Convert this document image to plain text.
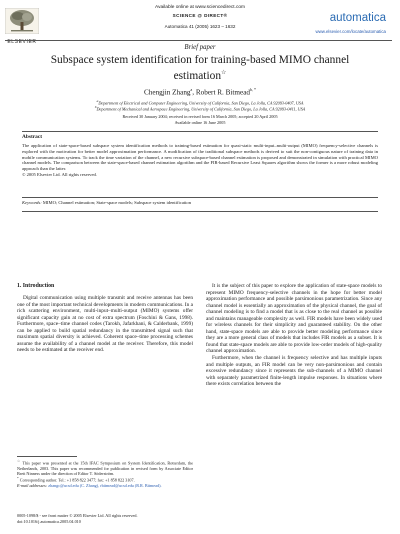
ELSEVIER
Available online at www.sciencedirect.com
SCIENCE @ DIRECT®
Automatica 41 (2005) 1623 – 1632
automatica
www.elsevier.com/locate/automatica
Brief paper
Subspace system identification for training-based MIMO channel
estimation☆
Chengjin Zhang$^a$, Robert R. Bitmead$^{b, *}$
$^a$Department of Electrical and Computer Engineering, University of California, San Diego, La Jolla, CA 92093-0407, USA
$^b$Department of Mechanical and Aerospace Engineering, University of California, San Diego, La Jolla, CA 92093-0411, USA
Received 30 January 2004; received in revised form 16 March 2005; accepted 20 April 2005
Available online 16 June 2005
Abstract

The application of state-space-based subspace system identification methods to training-based estimation for quasi-static multi-input–multi-output (MIMO) frequency-selective channels is explored with the motivation for better model approximation performance. A modification of the traditional subspace methods is derived to suit the non-contiguous nature of training data in mobile communication systems. To track the time variation of the channel, a new recursive subspace-based channel estimation is proposed and demonstrated in simulation with practical MIMO channel models. The comparison between the state-space-based channel estimation algorithm and the FIR-based Recursive Least Squares algorithm shows the former is a more robust modeling approach than the latter.

© 2005 Elsevier Ltd. All rights reserved.

Keywords: MIMO; Channel estimation; State-space models; Subspace system identification
1. Introduction
Digital communication using multiple transmit and receive antennas has been one of the most important technical developments in modern communications. In a rich scattering environment, multi-input–multi-output (MIMO) systems offer significant capacity gain at no cost of extra spectrum (Foschini & Gans, 1998). Furthermore, space–time channel codes (Tarokh, Jafarkhani, & Calderbank, 1999) can be applied to build spatial redundancy in the transmitted signal such that maximum spatial diversity is achieved. Coherent space–time processing schemes assume the availability of a channel model at the receiver. Therefore, this model needs to be estimated at the receiver end.

☆ This paper was presented at the 15th IFAC Symposium on System Identification, Rotterdam, the Netherlands, 2003. This paper was recommended for publication in revised form by Associate Editor Brett Ninness under the direction of Editor T. Söderström.

* Corresponding author. Tel.: +1 858 822 3477; fax: +1 858 822 3107.

E-mail addresses: zhangc@ucsd.edu (C. Zhang), rbitmead@ucsd.edu (R.R. Bitmead).

0005-1098/$ - see front matter © 2005 Elsevier Ltd. All rights reserved.
doi:10.1016/j.automatica.2005.04.010

It is the subject of this paper to explore the application of state-space models to represent MIMO frequency-selective channels in the hope for better model approximation performance and possible parsimonious parametrization. Since any channel model is essentially an approximation of the physical channel, the goal of channel modeling is to find a model that is as close to the real channel as possible and maintains manageable complexity as well. FIR models have been widely used for wireless channels for their simplicity and guaranteed stability. On the other hand, state-space models are able to provide better modeling performance since they are a more general class of models that includes FIR models as a subset. It is found that state-space models are able to provide low-order models of high-quality channel approximation.

Furthermore, when the channel is frequency selective and has multiple inputs and multiple outputs, an FIR model can be very non-parsimonious and contain excessive redundancy since it represents the sub-channels of a MIMO channel with separately parametrized finite-length impulse responses. In situations where there exists correlation between the
